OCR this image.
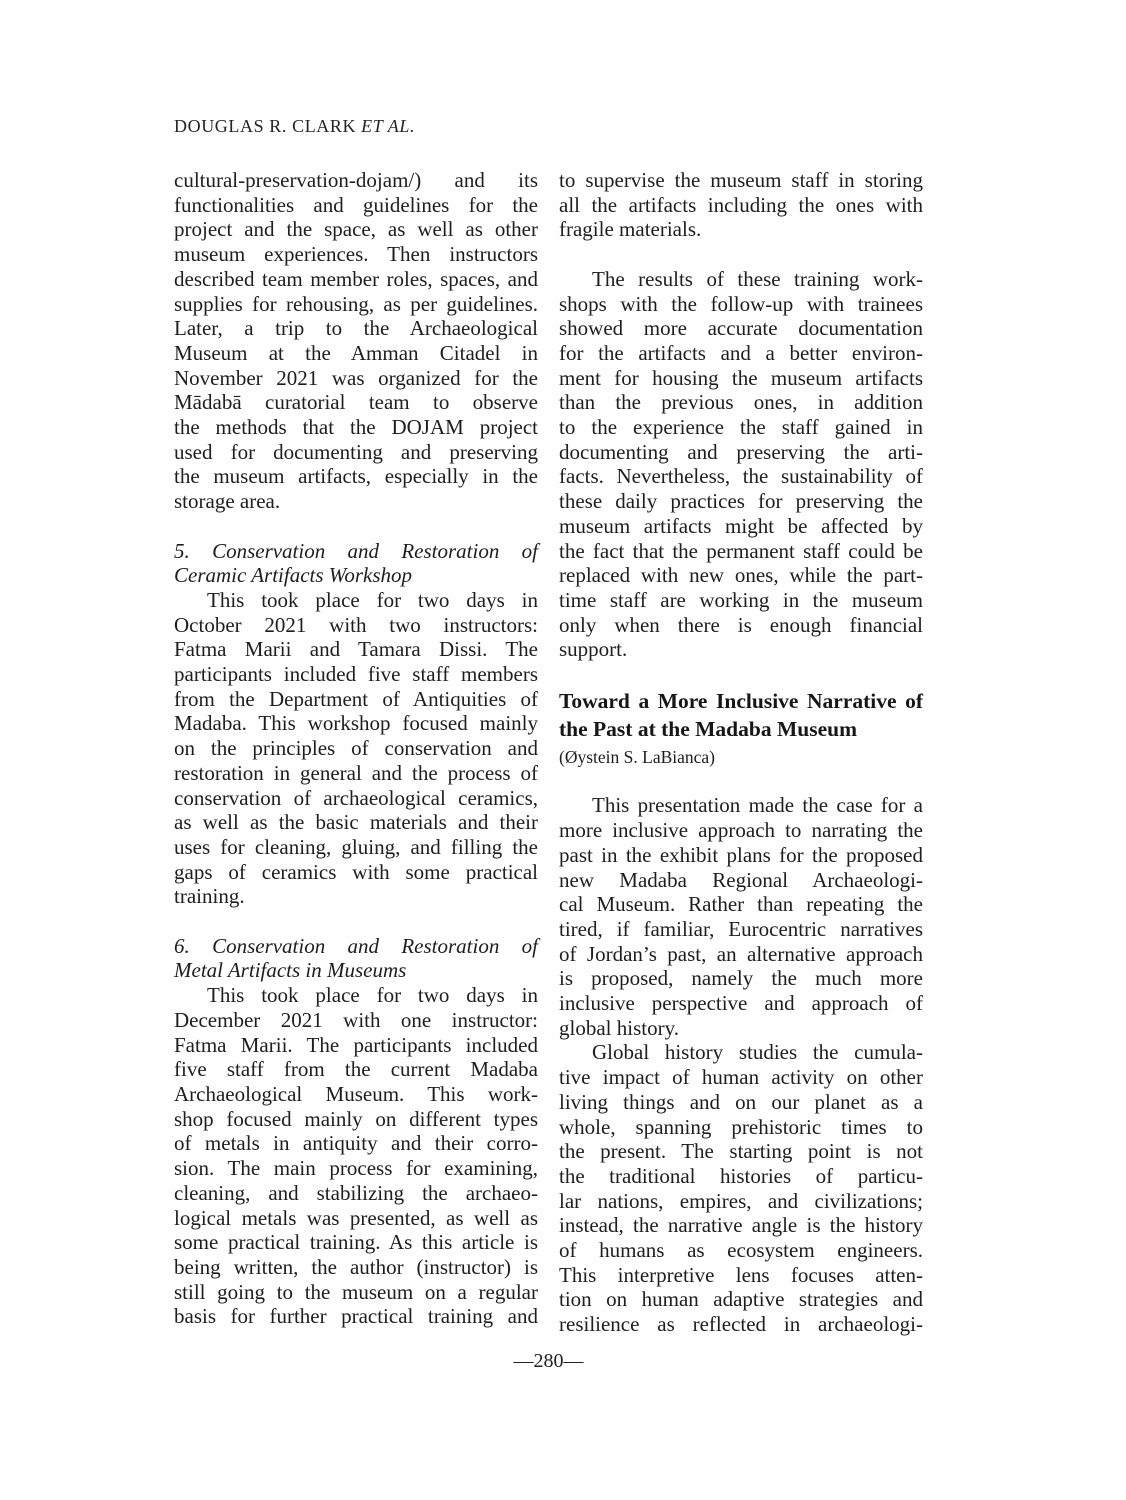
DOUGLAS R. CLARK ET AL.
cultural-preservation-dojam/) and its
functionalities and guidelines for the
project and the space, as well as other
museum experiences. Then instructors
described team member roles, spaces, and
supplies for rehousing, as per guidelines.
Later, a trip to the Archaeological
Museum at the Amman Citadel in
November 2021 was organized for the
Mādabā curatorial team to observe
the methods that the DOJAM project
used for documenting and preserving
the museum artifacts, especially in the
storage area.
5. Conservation and Restoration of
Ceramic Artifacts Workshop
This took place for two days in
October 2021 with two instructors:
Fatma Marii and Tamara Dissi. The
participants included five staff members
from the Department of Antiquities of
Madaba. This workshop focused mainly
on the principles of conservation and
restoration in general and the process of
conservation of archaeological ceramics,
as well as the basic materials and their
uses for cleaning, gluing, and filling the
gaps of ceramics with some practical
training.
6. Conservation and Restoration of
Metal Artifacts in Museums
This took place for two days in
December 2021 with one instructor:
Fatma Marii. The participants included
five staff from the current Madaba
Archaeological Museum. This work-
shop focused mainly on different types
of metals in antiquity and their corro-
sion. The main process for examining,
cleaning, and stabilizing the archaeo-
logical metals was presented, as well as
some practical training. As this article is
being written, the author (instructor) is
still going to the museum on a regular
basis for further practical training and
to supervise the museum staff in storing
all the artifacts including the ones with
fragile materials.
The results of these training work-
shops with the follow-up with trainees
showed more accurate documentation
for the artifacts and a better environ-
ment for housing the museum artifacts
than the previous ones, in addition
to the experience the staff gained in
documenting and preserving the arti-
facts. Nevertheless, the sustainability of
these daily practices for preserving the
museum artifacts might be affected by
the fact that the permanent staff could be
replaced with new ones, while the part-
time staff are working in the museum
only when there is enough financial
support.
Toward a More Inclusive Narrative of
the Past at the Madaba Museum
(Øystein S. LaBianca)
This presentation made the case for a
more inclusive approach to narrating the
past in the exhibit plans for the proposed
new Madaba Regional Archaeologi-
cal Museum. Rather than repeating the
tired, if familiar, Eurocentric narratives
of Jordan’s past, an alternative approach
is proposed, namely the much more
inclusive perspective and approach of
global history.
Global history studies the cumula-
tive impact of human activity on other
living things and on our planet as a
whole, spanning prehistoric times to
the present. The starting point is not
the traditional histories of particu-
lar nations, empires, and civilizations;
instead, the narrative angle is the history
of humans as ecosystem engineers.
This interpretive lens focuses atten-
tion on human adaptive strategies and
resilience as reflected in archaeologi-
—280—
